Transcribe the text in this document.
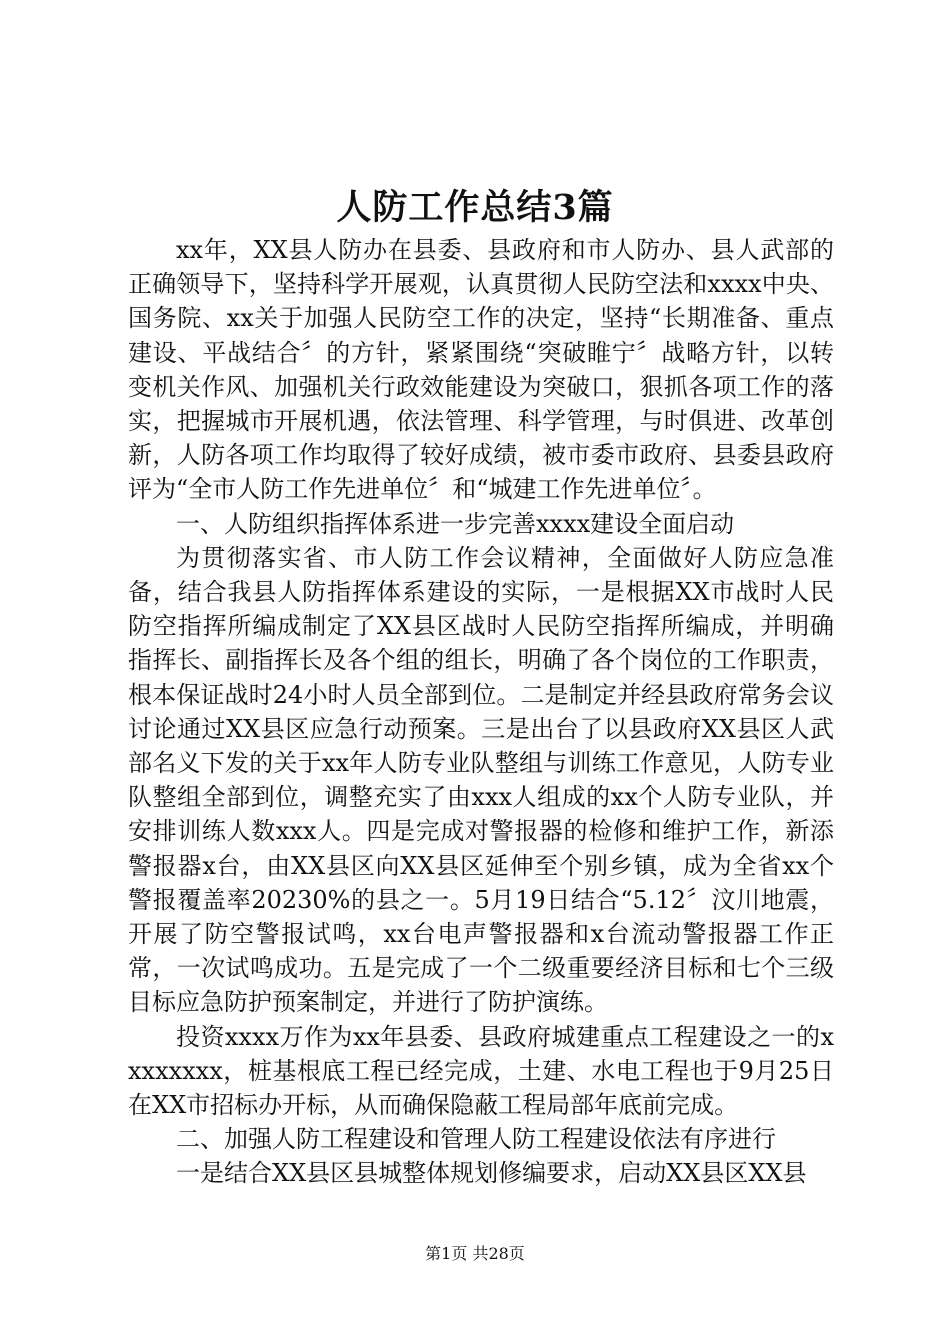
人防工作总结3篇

xx年，XX县人防办在县委、县政府和市人防办、县人武部的正确领导下，坚持科学开展观，认真贯彻人民防空法和xxxx中央、国务院、xx关于加强人民防空工作的决定，坚持“长期准备、重点建设、平战结合〞的方针，紧紧围绕“突破睢宁〞战略方针，以转变机关作风、加强机关行政效能建设为突破口，狠抓各项工作的落实，把握城市开展机遇，依法管理、科学管理，与时俱进、改革创新，人防各项工作均取得了较好成绩，被市委市政府、县委县政府评为“全市人防工作先进单位〞和“城建工作先进单位〞。

一、人防组织指挥体系进一步完善xxxx建设全面启动

为贯彻落实省、市人防工作会议精神，全面做好人防应急准备，结合我县人防指挥体系建设的实际，一是根据XX市战时人民防空指挥所编成制定了XX县区战时人民防空指挥所编成，并明确指挥长、副指挥长及各个组的组长，明确了各个岗位的工作职责，根本保证战时24小时人员全部到位。二是制定并经县政府常务会议讨论通过XX县区应急行动预案。三是出台了以县政府XX县区人武部名义下发的关于xx年人防专业队整组与训练工作意见，人防专业队整组全部到位，调整充实了由xxx人组成的xx个人防专业队，并安排训练人数xxx人。四是完成对警报器的检修和维护工作，新添警报器x台，由XX县区向XX县区延伸至个别乡镇，成为全省xx个警报覆盖率20230%的县之一。5月19日结合“5.12〞汶川地震，开展了防空警报试鸣，xx台电声警报器和x台流动警报器工作正常，一次试鸣成功。五是完成了一个二级重要经济目标和七个三级目标应急防护预案制定，并进行了防护演练。

投资xxxx万作为xx年县委、县政府城建重点工程建设之一的xxxxxxxx，桩基根底工程已经完成，土建、水电工程也于9月25日在XX市招标办开标，从而确保隐蔽工程局部年底前完成。

二、加强人防工程建设和管理人防工程建设依法有序进行

一是结合XX县区县城整体规划修编要求，启动XX县区XX县

第1页 共28页
